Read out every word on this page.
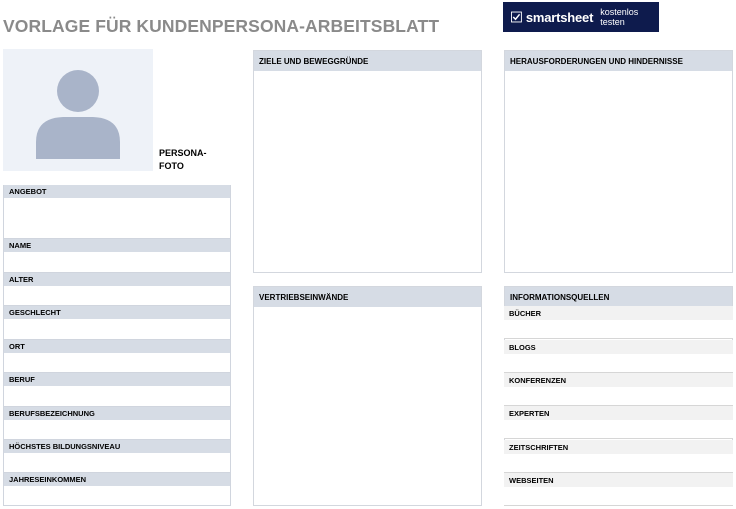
VORLAGE FÜR KUNDENPERSONA-ARBEITSBLATT	smartsheet kostenlos testen
PERSONA-
FOTO
ANGEBOT
NAME
ALTER
GESCHLECHT
ORT
BERUF
BERUFSBEZEICHNUNG
HÖCHSTES BILDUNGSNIVEAU
JAHRESEINKOMMEN
ZIELE UND BEWEGGRÜNDE
VERTRIEBSEINWÄNDE
HERAUSFORDERUNGEN UND HINDERNISSE
INFORMATIONSQUELLEN
BÜCHER
BLOGS
KONFERENZEN
EXPERTEN
ZEITSCHRIFTEN
WEBSEITEN
